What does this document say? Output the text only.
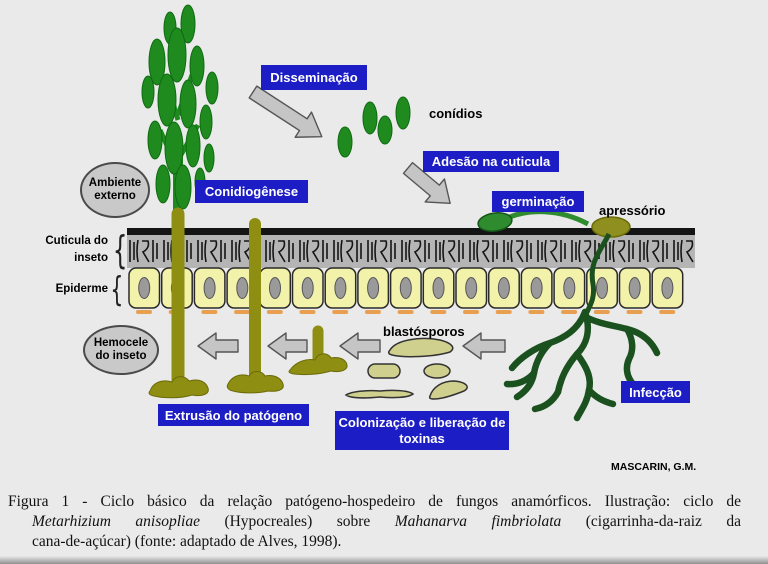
Disseminação
Conidiogênese
Adesão na cuticula
germinação
Infecção
Extrusão do patógeno	Colonização e liberação de toxinas
conídios
apressório
blastósporos
Ambiente externo
Hemocele do inseto
Cuticula do inseto {
Epiderme {
MASCARIN, G.M.
Figura 1 - Ciclo básico da relação patógeno-hospedeiro de fungos anamórficos. Ilustração: ciclo de
Metarhizium anisopliae (Hypocreales) sobre Mahanarva fimbriolata (cigarrinha-da-raiz da
cana-de-açúcar) (fonte: adaptado de Alves, 1998).
